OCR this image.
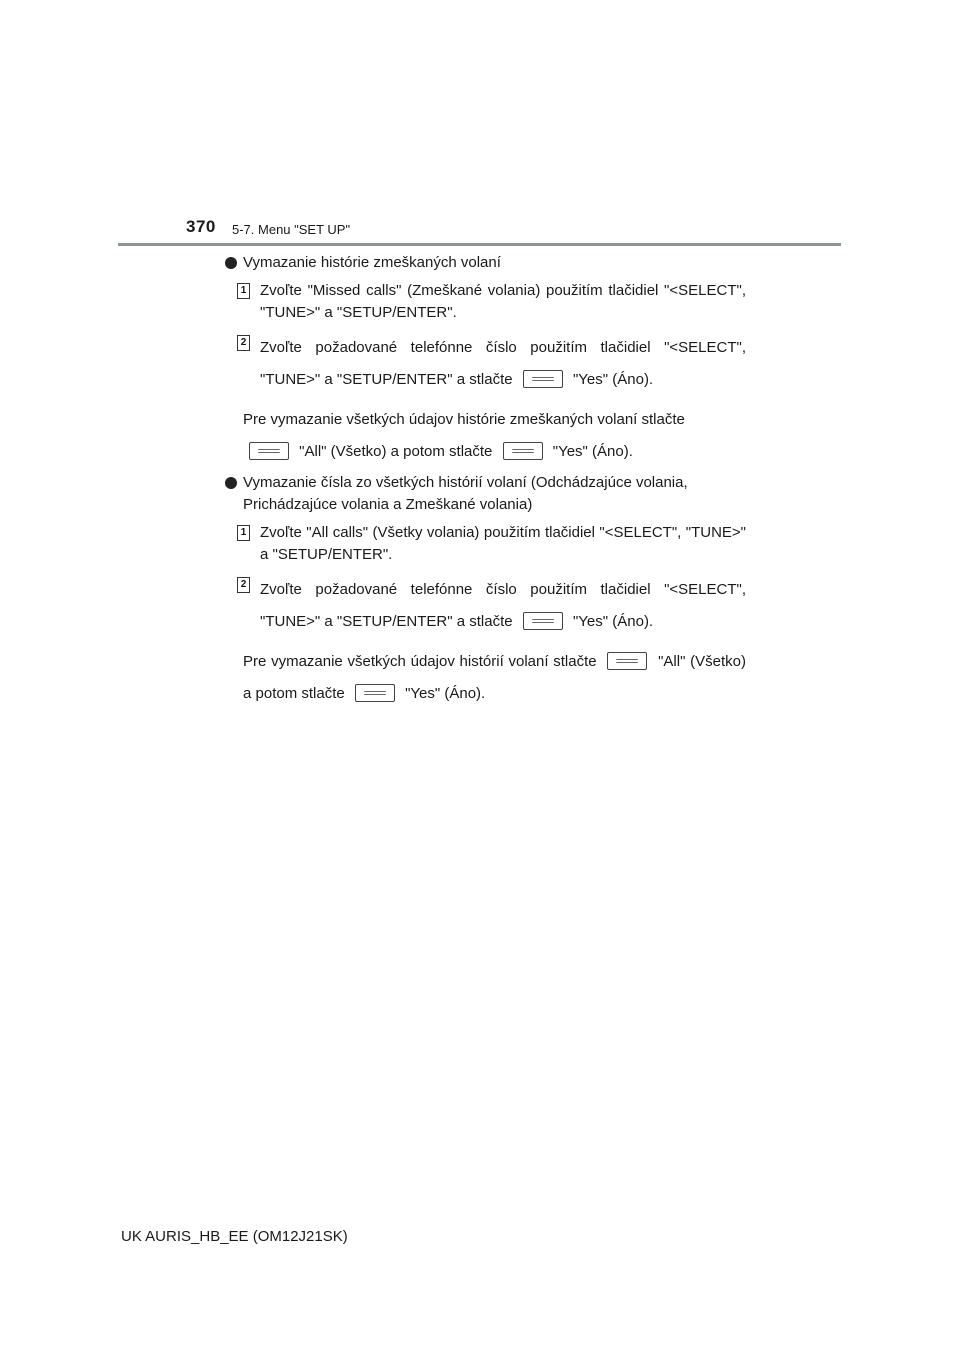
370 5-7. Menu "SET UP"
Vymazanie histórie zmeškaných volaní
1 Zvoľte "Missed calls" (Zmeškané volania) použitím tlačidiel "<SELECT", "TUNE>" a "SETUP/ENTER".
2 Zvoľte požadované telefónne číslo použitím tlačidiel "<SELECT", "TUNE>" a "SETUP/ENTER" a stlačte	"Yes" (Áno).
Pre vymazanie všetkých údajov histórie zmeškaných volaní stlačte
"All" (Všetko) a potom stlačte	"Yes" (Áno).
Vymazanie čísla zo všetkých histórií volaní (Odchádzajúce volania, Prichádzajúce volania a Zmeškané volania)
1 Zvoľte "All calls" (Všetky volania) použitím tlačidiel "<SELECT", "TUNE>" a "SETUP/ENTER".
2 Zvoľte požadované telefónne číslo použitím tlačidiel "<SELECT", "TUNE>" a "SETUP/ENTER" a stlačte	"Yes" (Áno).
Pre vymazanie všetkých údajov histórií volaní stlačte	"All" (Všetko) a potom stlačte	"Yes" (Áno).
UK AURIS_HB_EE (OM12J21SK)
